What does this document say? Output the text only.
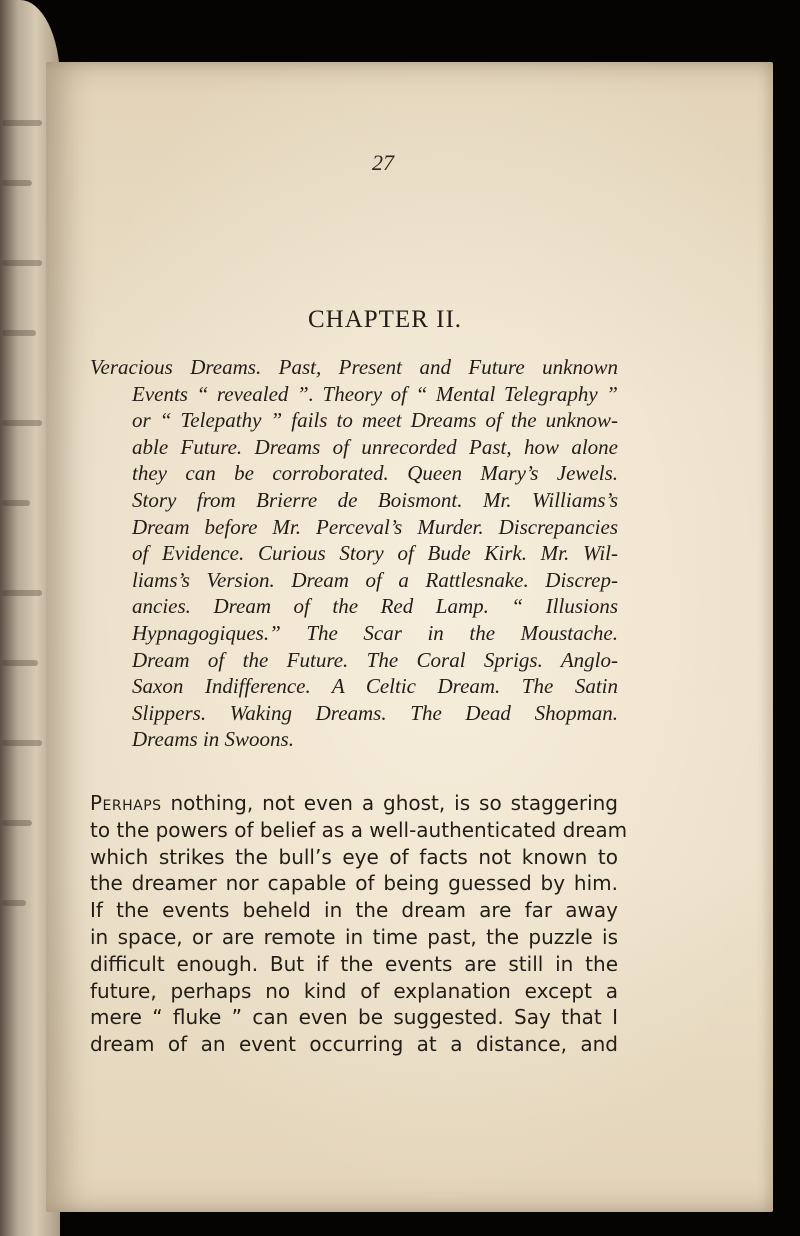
27
CHAPTER II.
Veracious Dreams. Past, Present and Future unknown
Events “ revealed ”. Theory of “ Mental Telegraphy ”
or “ Telepathy ” fails to meet Dreams of the unknow-
able Future. Dreams of unrecorded Past, how alone
they can be corroborated. Queen Mary’s Jewels.
Story from Brierre de Boismont. Mr. Williams’s
Dream before Mr. Perceval’s Murder. Discrepancies
of Evidence. Curious Story of Bude Kirk. Mr. Wil-
liams’s Version. Dream of a Rattlesnake. Discrep-
ancies. Dream of the Red Lamp. “ Illusions
Hypnagogiques.” The Scar in the Moustache.
Dream of the Future. The Coral Sprigs. Anglo-
Saxon Indifference. A Celtic Dream. The Satin
Slippers. Waking Dreams. The Dead Shopman.
Dreams in Swoons.
Perhaps nothing, not even a ghost, is so staggering
to the powers of belief as a well-authenticated dream
which strikes the bull’s eye of facts not known to
the dreamer nor capable of being guessed by him.
If the events beheld in the dream are far away
in space, or are remote in time past, the puzzle is
difficult enough. But if the events are still in the
future, perhaps no kind of explanation except a
mere “ fluke ” can even be suggested. Say that I
dream of an event occurring at a distance, and
